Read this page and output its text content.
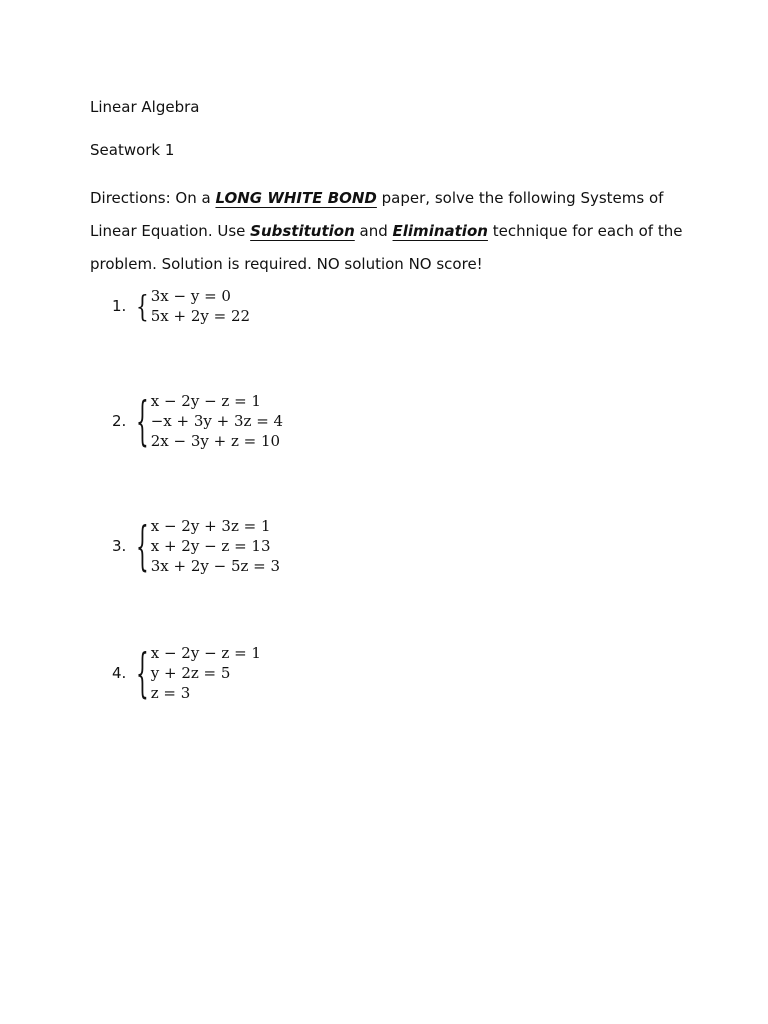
Linear Algebra
Seatwork 1
Directions: On a LONG WHITE BOND paper, solve the following Systems of
Linear Equation. Use Substitution and Elimination technique for each of the
problem. Solution is required. NO solution NO score!
1. { 3x − y = 0
5x + 2y = 22
2. { x − 2y − z = 1
−x + 3y + 3z = 4
2x − 3y + z = 10
3. { x − 2y + 3z = 1
x + 2y − z = 13
3x + 2y − 5z = 3
4. { x − 2y − z = 1
y + 2z = 5
z = 3
